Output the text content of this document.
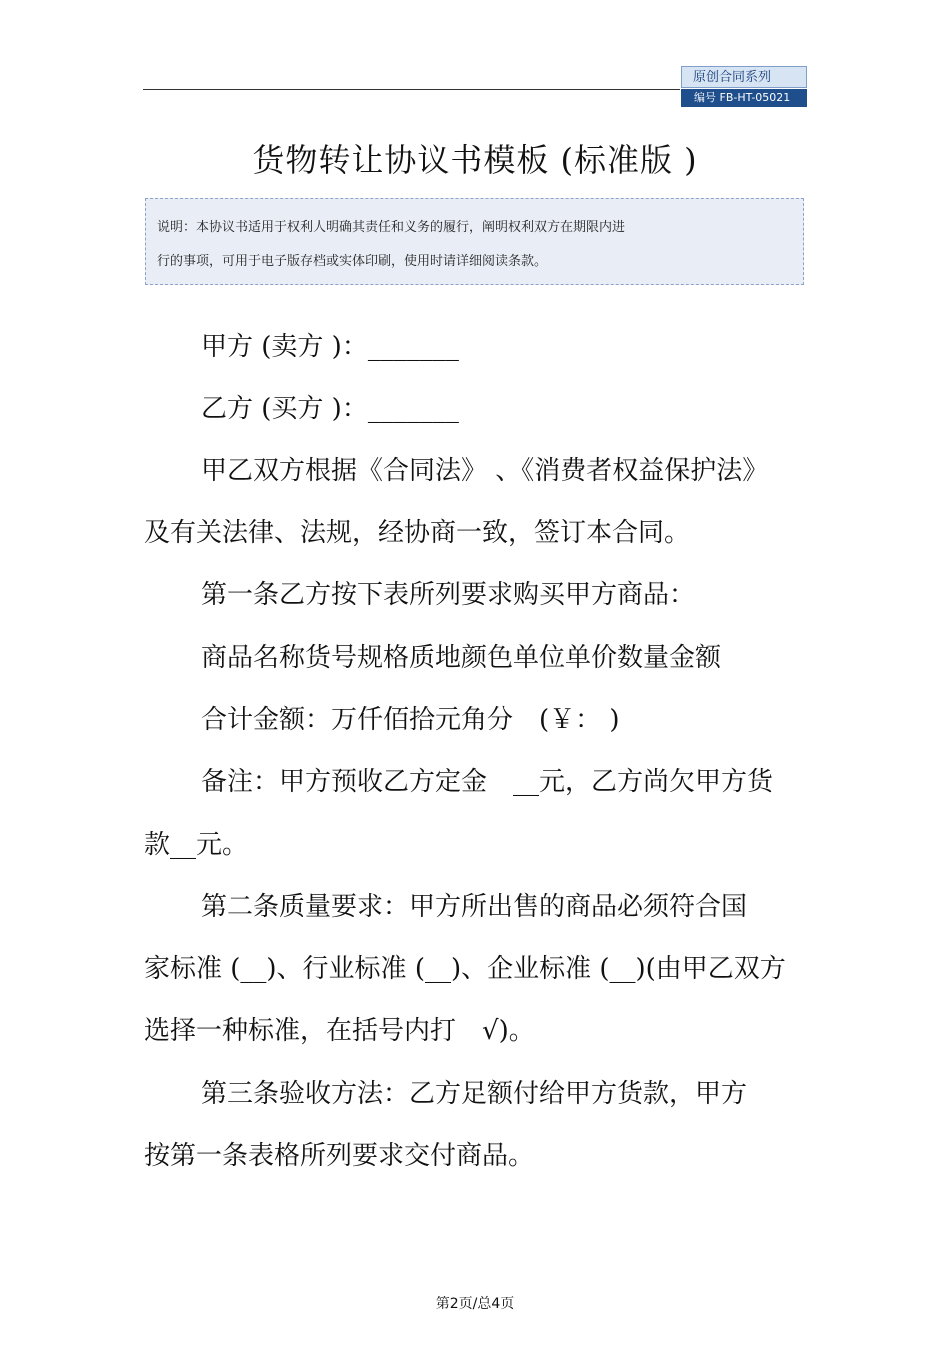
原创合同系列
编号 FB-HT-05021
货物转让协议书模板 (标准版 )
说明：本协议书适用于权利人明确其责任和义务的履行，阐明权利双方在期限内进
行的事项，可用于电子版存档或实体印刷，使用时请详细阅读条款。
甲方 (卖方 )：_______
乙方 (买方 )：_______
甲乙双方根据《合同法》 、《消费者权益保护法》
及有关法律、法规，经协商一致，签订本合同。
第一条乙方按下表所列要求购买甲方商品：
商品名称货号规格质地颜色单位单价数量金额
合计金额：万仟佰拾元角分　(￥： )
备注：甲方预收乙方定金　__元，乙方尚欠甲方货
款__元。
第二条质量要求：甲方所出售的商品必须符合国
家标准 (__)、行业标准 (__)、企业标准 (__)(由甲乙双方
选择一种标准，在括号内打　√)。
第三条验收方法：乙方足额付给甲方货款，甲方
按第一条表格所列要求交付商品。
第2页/总4页
